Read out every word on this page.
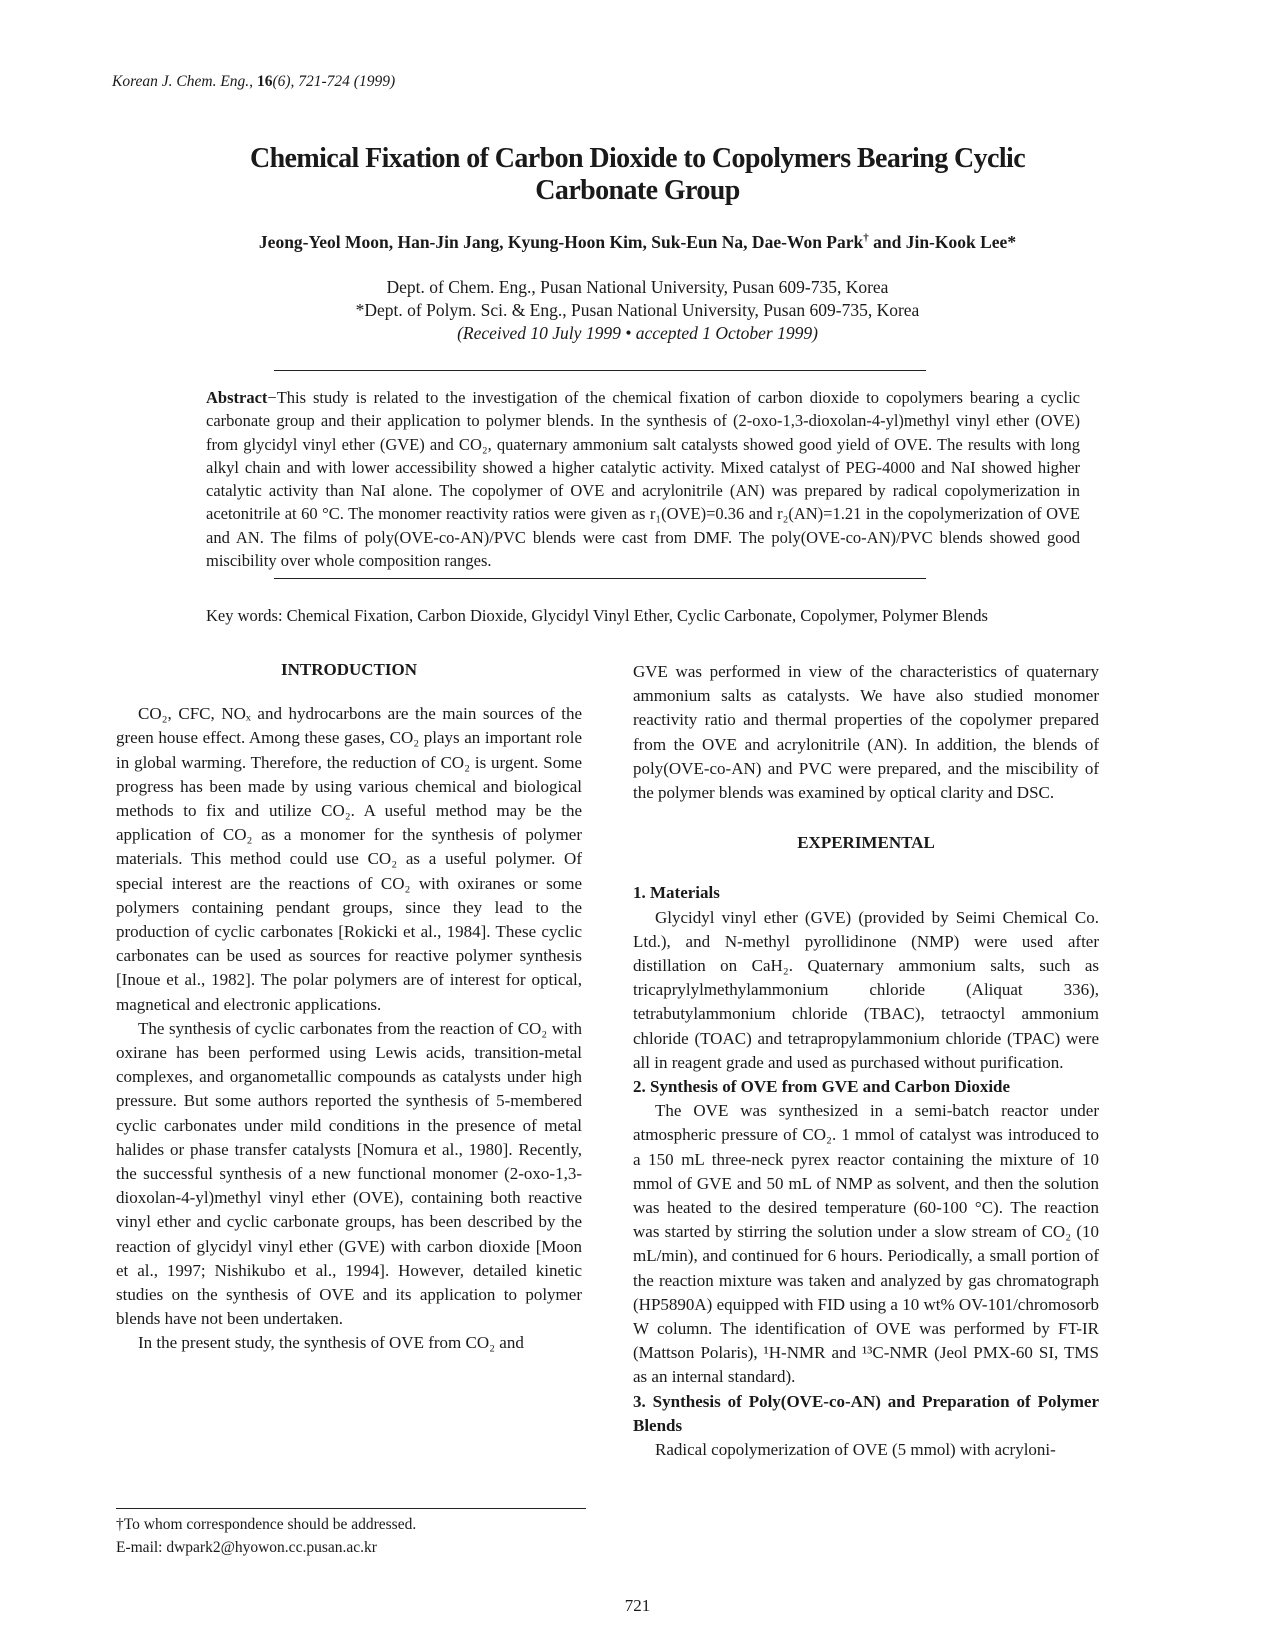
Korean J. Chem. Eng., 16(6), 721-724 (1999)
Chemical Fixation of Carbon Dioxide to Copolymers Bearing Cyclic
Carbonate Group
Jeong-Yeol Moon, Han-Jin Jang, Kyung-Hoon Kim, Suk-Eun Na, Dae-Won Park† and Jin-Kook Lee*
Dept. of Chem. Eng., Pusan National University, Pusan 609-735, Korea
*Dept. of Polym. Sci. & Eng., Pusan National University, Pusan 609-735, Korea
(Received 10 July 1999 • accepted 1 October 1999)
Abstract−This study is related to the investigation of the chemical fixation of carbon dioxide to copolymers bearing a cyclic carbonate group and their application to polymer blends. In the synthesis of (2-oxo-1,3-dioxolan-4-yl)methyl vinyl ether (OVE) from glycidyl vinyl ether (GVE) and CO₂, quaternary ammonium salt catalysts showed good yield of OVE. The results with long alkyl chain and with lower accessibility showed a higher catalytic activity. Mixed catalyst of PEG-4000 and NaI showed higher catalytic activity than NaI alone. The copolymer of OVE and acrylonitrile (AN) was prepared by radical copolymerization in acetonitrile at 60 °C. The monomer reactivity ratios were given as r₁(OVE)=0.36 and r₂(AN)=1.21 in the copolymerization of OVE and AN. The films of poly(OVE-co-AN)/PVC blends were cast from DMF. The poly(OVE-co-AN)/PVC blends showed good miscibility over whole composition ranges.
Key words: Chemical Fixation, Carbon Dioxide, Glycidyl Vinyl Ether, Cyclic Carbonate, Copolymer, Polymer Blends
INTRODUCTION

CO₂, CFC, NOₓ and hydrocarbons are the main sources of the green house effect. Among these gases, CO₂ plays an important role in global warming. Therefore, the reduction of CO₂ is urgent. Some progress has been made by using various chemical and biological methods to fix and utilize CO₂. A useful method may be the application of CO₂ as a monomer for the synthesis of polymer materials. This method could use CO₂ as a useful polymer. Of special interest are the reactions of CO₂ with oxiranes or some polymers containing pendant groups, since they lead to the production of cyclic carbonates [Rokicki et al., 1984]. These cyclic carbonates can be used as sources for reactive polymer synthesis [Inoue et al., 1982]. The polar polymers are of interest for optical, magnetical and electronic applications.

The synthesis of cyclic carbonates from the reaction of CO₂ with oxirane has been performed using Lewis acids, transition-metal complexes, and organometallic compounds as catalysts under high pressure. But some authors reported the synthesis of 5-membered cyclic carbonates under mild conditions in the presence of metal halides or phase transfer catalysts [Nomura et al., 1980]. Recently, the successful synthesis of a new functional monomer (2-oxo-1,3-dioxolan-4-yl)methyl vinyl ether (OVE), containing both reactive vinyl ether and cyclic carbonate groups, has been described by the reaction of glycidyl vinyl ether (GVE) with carbon dioxide [Moon et al., 1997; Nishikubo et al., 1994]. However, detailed kinetic studies on the synthesis of OVE and its application to polymer blends have not been undertaken.

In the present study, the synthesis of OVE from CO₂ and

GVE was performed in view of the characteristics of quaternary ammonium salts as catalysts. We have also studied monomer reactivity ratio and thermal properties of the copolymer prepared from the OVE and acrylonitrile (AN). In addition, the blends of poly(OVE-co-AN) and PVC were prepared, and the miscibility of the polymer blends was examined by optical clarity and DSC.

EXPERIMENTAL
1. Materials

Glycidyl vinyl ether (GVE) (provided by Seimi Chemical Co. Ltd.), and N-methyl pyrollidinone (NMP) were used after distillation on CaH₂. Quaternary ammonium salts, such as tricaprylylmethylammonium chloride (Aliquat 336), tetrabutylammonium chloride (TBAC), tetraoctyl ammonium chloride (TOAC) and tetrapropylammonium chloride (TPAC) were all in reagent grade and used as purchased without purification.

2. Synthesis of OVE from GVE and Carbon Dioxide

The OVE was synthesized in a semi-batch reactor under atmospheric pressure of CO₂. 1 mmol of catalyst was introduced to a 150 mL three-neck pyrex reactor containing the mixture of 10 mmol of GVE and 50 mL of NMP as solvent, and then the solution was heated to the desired temperature (60-100 °C). The reaction was started by stirring the solution under a slow stream of CO₂ (10 mL/min), and continued for 6 hours. Periodically, a small portion of the reaction mixture was taken and analyzed by gas chromatograph (HP5890A) equipped with FID using a 10 wt% OV-101/chromosorb W column. The identification of OVE was performed by FT-IR (Mattson Polaris), ¹H-NMR and ¹³C-NMR (Jeol PMX-60 SI, TMS as an internal standard).

3. Synthesis of Poly(OVE-co-AN) and Preparation of Polymer Blends

Radical copolymerization of OVE (5 mmol) with acryloni-

†To whom correspondence should be addressed.
E-mail: dwpark2@hyowon.cc.pusan.ac.kr
721
